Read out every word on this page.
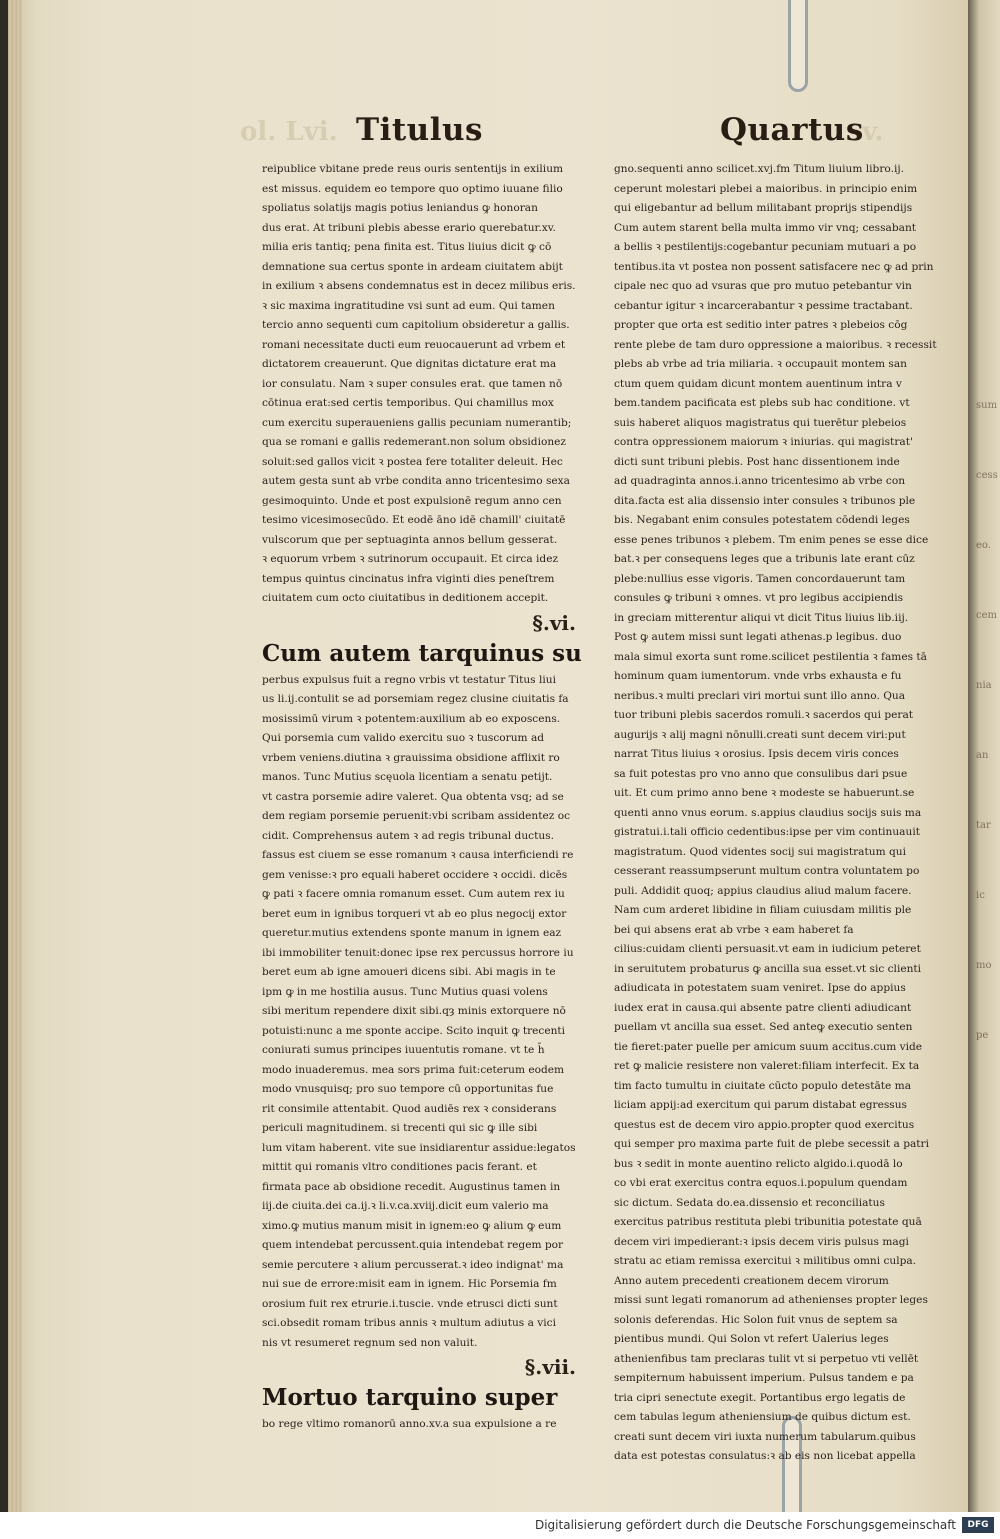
sum
cess
eo.
cem
nia
an
tar
ic
mo
pe
ol. Lvi.	v.
Titulus	Quartus
reipublice vbitane prede reus ouris sententijs in exilium
est missus. equidem eo tempore quo optimo iuuane filio
spoliatus solatijs magis potius leniandus ꝙ honoran
dus erat. At tribuni plebis abesse erario querebatur.xv.
milia eris tantiq; pena finita est. Titus liuius dicit ꝙ cō
demnatione sua certus sponte in ardeam ciuitatem abijt
in exilium ꝛ absens condemnatus est in decez milibus eris.
ꝛ sic maxima ingratitudine vsi sunt ad eum. Qui tamen
tercio anno sequenti cum capitolium obsideretur a gallis.
romani necessitate ducti eum reuocauerunt ad vrbem et
dictatorem creauerunt. Que dignitas dictature erat ma
ior consulatu. Nam ꝛ super consules erat. que tamen nō
cōtinua erat:sed certis temporibus. Qui chamillus mox
cum exercitu superaueniens gallis pecuniam numerantib;
qua se romani e gallis redemerant.non solum obsidionez
soluit:sed gallos vicit ꝛ postea fere totaliter deleuit. Hec
autem gesta sunt ab vrbe condita anno tricentesimo sexa
gesimoquinto. Unde et post expulsionē regum anno cen
tesimo vicesimosecūdo. Et eodē āno idē chamill' ciuitatē
vulscorum que per septuaginta annos bellum gesserat.
ꝛ equorum vrbem ꝛ sutrinorum occupauit. Et circa idez
tempus quintus cincinatus infra viginti dies peneſtrem
ciuitatem cum octo ciuitatibus in deditionem accepit.
§.vi.
Cum autem tarquinus su
perbus expulsus fuit a regno vrbis vt testatur Titus liui
us li.ij.contulit se ad porsemiam regez clusine ciuitatis fa
mosissimū virum ꝛ potentem:auxilium ab eo exposcens.
Qui porsemia cum valido exercitu suo ꝛ tuscorum ad
vrbem veniens.diutina ꝛ grauissima obsidione afflixit ro
manos. Tunc Mutius scęuola licentiam a senatu petijt.
vt castra porsemie adire valeret. Qua obtenta vsq; ad se
dem regiam porsemie peruenit:vbi scribam assidentez oc
cidit. Comprehensus autem ꝛ ad regis tribunal ductus.
fassus est ciuem se esse romanum ꝛ causa interficiendi re
gem venisse:ꝛ pro equali haberet occidere ꝛ occidi. dicēs
ꝙ pati ꝛ facere omnia romanum esset. Cum autem rex iu
beret eum in ignibus torqueri vt ab eo plus negocij extor
queretur.mutius extendens sponte manum in ignem eaz
ibi immobiliter tenuit:donec ipse rex percussus horrore iu
beret eum ab igne amoueri dicens sibi. Abi magis in te
ipm ꝙ in me hostilia ausus. Tunc Mutius quasi volens
sibi meritum rependere dixit sibi.qȝ minis extorquere nō
potuisti:nunc a me sponte accipe. Scito inquit ꝙ trecenti
coniurati sumus principes iuuentutis romane. vt te h̄
modo inuaderemus. mea sors prima fuit:ceterum eodem
modo vnusquisq; pro suo tempore cū opportunitas fue
rit consimile attentabit. Quod audiēs rex ꝛ considerans
periculi magnitudinem. si trecenti qui sic ꝙ ille sibi
lum vitam haberent. vite sue insidiarentur assidue:legatos
mittit qui romanis vltro conditiones pacis ferant. et
firmata pace ab obsidione recedit. Augustinus tamen in
iij.de ciuita.dei ca.ij.ꝛ li.v.ca.xviij.dicit eum valerio ma
ximo.ꝙ mutius manum misit in ignem:eo ꝙ alium ꝙ eum
quem intendebat percussent.quia intendebat regem por
semie percutere ꝛ alium percusserat.ꝛ ideo indignat' ma
nui sue de errore:misit eam in ignem. Hic Porsemia fm
orosium fuit rex etrurie.i.tuscie. vnde etrusci dicti sunt
sci.obsedit romam tribus annis ꝛ multum adiutus a vici
nis vt resumeret regnum sed non valuit.
§.vii.
Mortuo tarquino super
bo rege vltimo romanorū anno.xv.a sua expulsione a re
gno.sequenti anno scilicet.xvj.fm Titum liuium libro.ij.
ceperunt molestari plebei a maioribus. in principio enim
qui eligebantur ad bellum militabant proprijs stipendijs
Cum autem starent bella multa immo vir vnq; cessabant
a bellis ꝛ pestilentijs:cogebantur pecuniam mutuari a po
tentibus.ita vt postea non possent satisfacere nec ꝙ ad prin
cipale nec quo ad vsuras que pro mutuo petebantur vin
cebantur igitur ꝛ incarcerabantur ꝛ pessime tractabant.
propter que orta est seditio inter patres ꝛ plebeios cōg
rente plebe de tam duro oppressione a maioribus. ꝛ recessit
plebs ab vrbe ad tria miliaria. ꝛ occupauit montem san
ctum quem quidam dicunt montem auentinum intra v
bem.tandem pacificata est plebs sub hac conditione. vt
suis haberet aliquos magistratus qui tuerētur plebeios
contra oppressionem maiorum ꝛ iniurias. qui magistrat'
dicti sunt tribuni plebis. Post hanc dissentionem inde
ad quadraginta annos.i.anno tricentesimo ab vrbe con
dita.facta est alia dissensio inter consules ꝛ tribunos ple
bis. Negabant enim consules potestatem cōdendi leges
esse penes tribunos ꝛ plebem. Tm enim penes se esse dice
bat.ꝛ per consequens leges que a tribunis late erant cūz
plebe:nullius esse vigoris. Tamen concordauerunt tam
consules ꝙ tribuni ꝛ omnes. vt pro legibus accipiendis
in greciam mitterentur aliqui vt dicit Titus liuius lib.iij.
Post ꝙ autem missi sunt legati athenas.p legibus. duo
mala simul exorta sunt rome.scilicet pestilentia ꝛ fames tā
hominum quam iumentorum. vnde vrbs exhausta e fu
neribus.ꝛ multi preclari viri mortui sunt illo anno. Qua
tuor tribuni plebis sacerdos romuli.ꝛ sacerdos qui perat
augurijs ꝛ alij magni nōnulli.creati sunt decem viri:put
narrat Titus liuius ꝛ orosius. Ipsis decem viris conces
sa fuit potestas pro vno anno que consulibus dari psue
uit. Et cum primo anno bene ꝛ modeste se habuerunt.se
quenti anno vnus eorum. s.appius claudius socijs suis ma
gistratui.i.tali officio cedentibus:ipse per vim continuauit
magistratum. Quod videntes socij sui magistratum qui
cesserant reassumpserunt multum contra voluntatem po
puli. Addidit quoq; appius claudius aliud malum facere.
Nam cum arderet libidine in filiam cuiusdam militis ple
bei qui absens erat ab vrbe ꝛ eam haberet fa
cilius:cuidam clienti persuasit.vt eam in iudicium peteret
in seruitutem probaturus ꝙ ancilla sua esset.vt sic clienti
adiudicata in potestatem suam veniret. Ipse do appius
iudex erat in causa.qui absente patre clienti adiudicant
puellam vt ancilla sua esset. Sed anteꝙ executio senten
tie fieret:pater puelle per amicum suum accitus.cum vide
ret ꝙ malicie resistere non valeret:filiam interfecit. Ex ta
tim facto tumultu in ciuitate cūcto populo detestāte ma
liciam appij:ad exercitum qui parum distabat egressus
questus est de decem viro appio.propter quod exercitus
qui semper pro maxima parte fuit de plebe secessit a patri
bus ꝛ sedit in monte auentino relicto algido.i.quodā lo
co vbi erat exercitus contra equos.i.populum quendam
sic dictum. Sedata do.ea.dissensio et reconciliatus
exercitus patribus restituta plebi tribunitia potestate quā
decem viri impedierant:ꝛ ipsis decem viris pulsus magi
stratu ac etiam remissa exercitui ꝛ militibus omni culpa.
Anno autem precedenti creationem decem virorum
missi sunt legati romanorum ad athenienses propter leges
solonis deferendas. Hic Solon fuit vnus de septem sa
pientibus mundi. Qui Solon vt refert Ualerius leges
athenienfibus tam preclaras tulit vt si perpetuo vti vellēt
sempiternum habuissent imperium. Pulsus tandem e pa
tria cipri senectute exegit. Portantibus ergo legatis de
cem tabulas legum atheniensium de quibus dictum est.
creati sunt decem viri iuxta numerum tabularum.quibus
data est potestas consulatus:ꝛ ab eis non licebat appella
Digitalisierung gefördert durch die Deutsche Forschungsgemeinschaft	DFG
